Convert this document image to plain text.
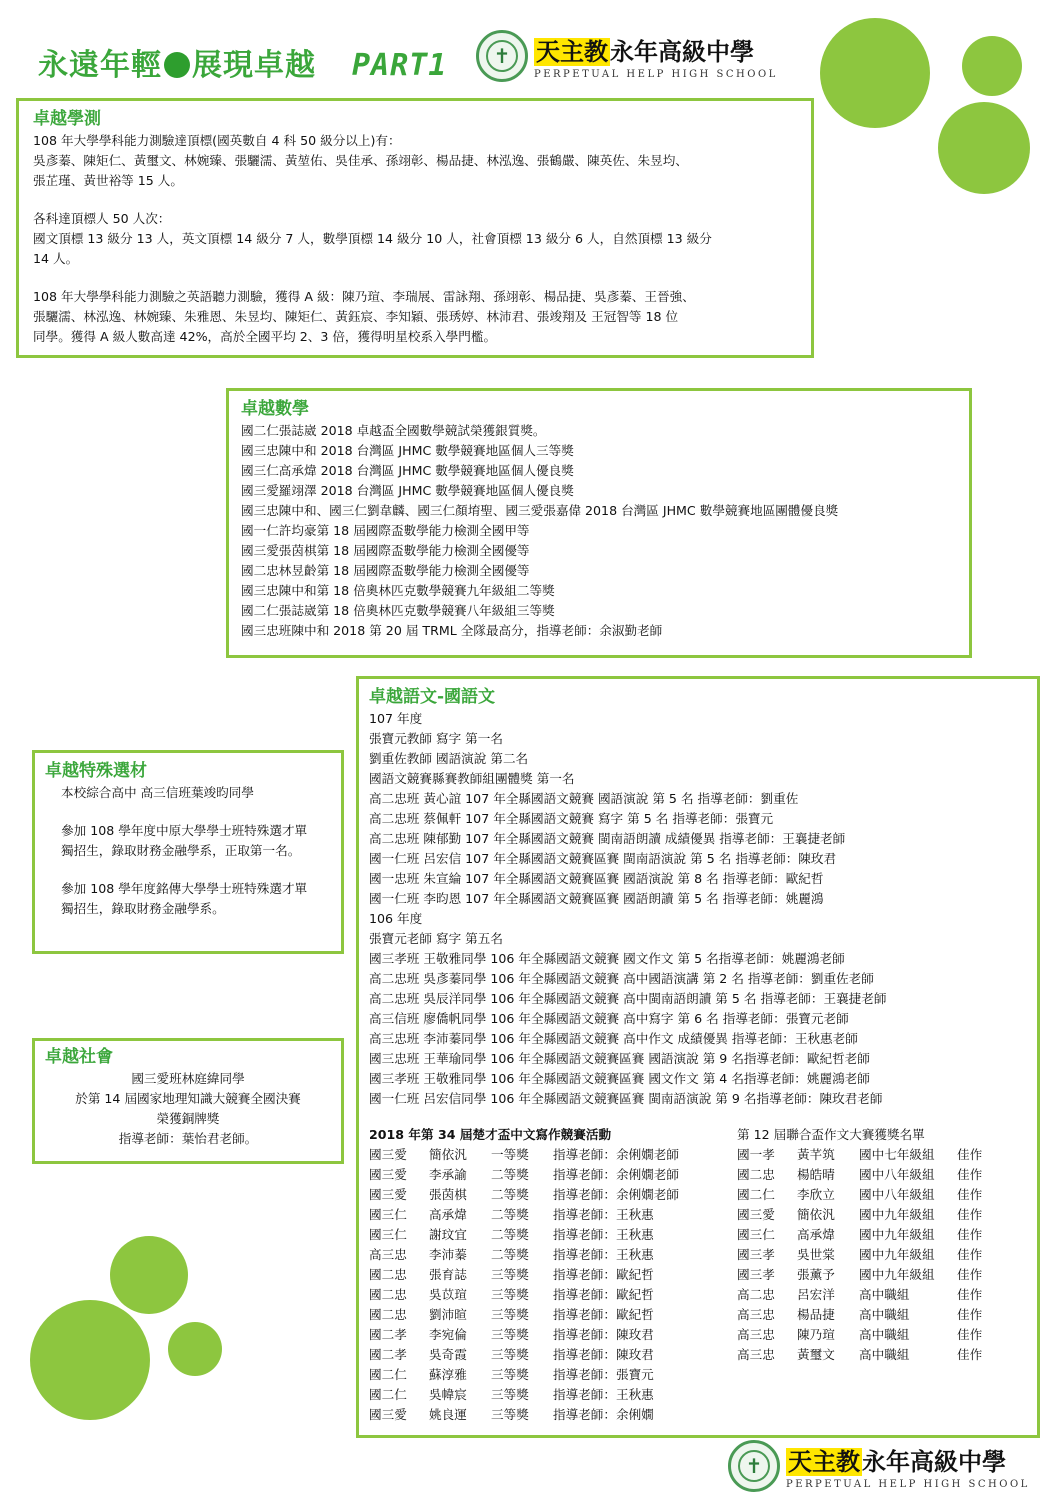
永遠年輕 展現卓越 PART1
✝	天主教永年高級中學
PERPETUAL HELP HIGH SCHOOL
卓越學測
108 年大學學科能力測驗達頂標(國英數自 4 科 50 級分以上)有：
吳彥蓁、陳矩仁、黃璽文、林婉臻、張驪濡、黃堃佑、吳佳承、孫翊彰、楊品捷、林泓逸、張鶴嚴、陳英佐、朱昱均、
張芷瑾、黃世裕等 15 人。
各科達頂標人 50 人次：
國文頂標 13 級分 13 人，英文頂標 14 級分 7 人，數學頂標 14 級分 10 人，社會頂標 13 級分 6 人，自然頂標 13 級分
14 人。
108 年大學學科能力測驗之英語聽力測驗，獲得 A 級：陳乃瑄、李瑞展、雷詠翔、孫翊彰、楊品捷、吳彥蓁、王晉強、
張驪濡、林泓逸、林婉臻、朱雅恩、朱昱均、陳矩仁、黃鈺宸、李知穎、張琇婷、林沛君、張竣翔及 王冠智等 18 位
同學。獲得 A 級人數高達 42%，高於全國平均 2、3 倍，獲得明星校系入學門檻。
卓越數學
國二仁張誌崴 2018 卓越盃全國數學競試榮獲銀質獎。
國三忠陳中和 2018 台灣區 JHMC 數學競賽地區個人三等獎
國三仁高承煒 2018 台灣區 JHMC 數學競賽地區個人優良獎
國三愛羅翊澤 2018 台灣區 JHMC 數學競賽地區個人優良獎
國三忠陳中和、國三仁劉韋麟、國三仁顏堉聖、國三愛張嘉偉 2018 台灣區 JHMC 數學競賽地區團體優良獎
國一仁許均豪第 18 屆國際盃數學能力檢測全國甲等
國三愛張茵棋第 18 屆國際盃數學能力檢測全國優等
國二忠林昱齡第 18 屆國際盃數學能力檢測全國優等
國三忠陳中和第 18 倍奧林匹克數學競賽九年級組二等獎
國二仁張誌崴第 18 倍奧林匹克數學競賽八年級組三等獎
國三忠班陳中和 2018 第 20 屆 TRML 全隊最高分，指導老師：余淑勤老師
卓越特殊選材
本校綜合高中 高三信班葉竣昀同學
參加 108 學年度中原大學學士班特殊選才單
獨招生，錄取財務金融學系，正取第一名。
參加 108 學年度銘傳大學學士班特殊選才單
獨招生，錄取財務金融學系。
卓越社會
國三愛班林庭緯同學
於第 14 屆國家地理知識大競賽全國決賽
榮獲銅牌獎
指導老師：葉怡君老師。
卓越語文-國語文
107 年度
張寶元教師 寫字 第一名
劉重佐教師 國語演說 第二名
國語文競賽縣賽教師組團體獎 第一名
高二忠班 黃心誼 107 年全縣國語文競賽 國語演說 第 5 名 指導老師：劉重佐
高二忠班 蔡佩軒 107 年全縣國語文競賽 寫字 第 5 名 指導老師：張寶元
高二忠班 陳郁勤 107 年全縣國語文競賽 閩南語朗讀 成績優異 指導老師：王襄捷老師
國一仁班 呂宏信 107 年全縣國語文競賽區賽 閩南語演說 第 5 名 指導老師：陳玫君
國一忠班 朱宣綸 107 年全縣國語文競賽區賽 國語演說 第 8 名 指導老師：歐紀哲
國一仁班 李昀恩 107 年全縣國語文競賽區賽 國語朗讀 第 5 名 指導老師：姚麗鴻
106 年度
張寶元老師 寫字 第五名
國三孝班 王敬雅同學 106 年全縣國語文競賽 國文作文 第 5 名指導老師：姚麗鴻老師
高二忠班 吳彥蓁同學 106 年全縣國語文競賽 高中國語演講 第 2 名 指導老師：劉重佐老師
高二忠班 吳辰洋同學 106 年全縣國語文競賽 高中閩南語朗讀 第 5 名 指導老師：王襄捷老師
高三信班 廖僑帆同學 106 年全縣國語文競賽 高中寫字 第 6 名 指導老師：張寶元老師
高三忠班 李沛蓁同學 106 年全縣國語文競賽 高中作文 成績優異 指導老師：王秋惠老師
國三忠班 王華瑜同學 106 年全縣國語文競賽區賽 國語演說 第 9 名指導老師：歐紀哲老師
國三孝班 王敬雅同學 106 年全縣國語文競賽區賽 國文作文 第 4 名指導老師：姚麗鴻老師
國一仁班 呂宏信同學 106 年全縣國語文競賽區賽 閩南語演說 第 9 名指導老師：陳玫君老師
2018 年第 34 屆楚才盃中文寫作競賽活動
國三愛	簡依汎	一等獎	指導老師：余俐嫺老師
國三愛	李承諭	二等獎	指導老師：余俐嫺老師
國三愛	張茵棋	二等獎	指導老師：余俐嫺老師
國三仁	高承煒	二等獎	指導老師：王秋惠
國三仁	謝玟宜	二等獎	指導老師：王秋惠
高三忠	李沛蓁	二等獎	指導老師：王秋惠
國二忠	張育誌	三等獎	指導老師：歐紀哲
國二忠	吳苡瑄	三等獎	指導老師：歐紀哲
國二忠	劉沛暄	三等獎	指導老師：歐紀哲
國二孝	李宛倫	三等獎	指導老師：陳玫君
國二孝	吳奇霞	三等獎	指導老師：陳玫君
國二仁	蘇淳雅	三等獎	指導老師：張寶元
國二仁	吳幃宸	三等獎	指導老師：王秋惠
國三愛	姚良運	三等獎	指導老師：余俐嫺
第 12 屆聯合盃作文大賽獲獎名單
國一孝	黃芊筑	國中七年級組	佳作
國二忠	楊皓晴	國中八年級組	佳作
國二仁	李欣立	國中八年級組	佳作
國三愛	簡依汎	國中九年級組	佳作
國三仁	高承煒	國中九年級組	佳作
國三孝	吳世棠	國中九年級組	佳作
國三孝	張薰予	國中九年級組	佳作
高二忠	呂宏洋	高中職組	佳作
高三忠	楊品捷	高中職組	佳作
高三忠	陳乃瑄	高中職組	佳作
高三忠	黃璽文	高中職組	佳作
✝
天主教永年高級中學
PERPETUAL HELP HIGH SCHOOL
